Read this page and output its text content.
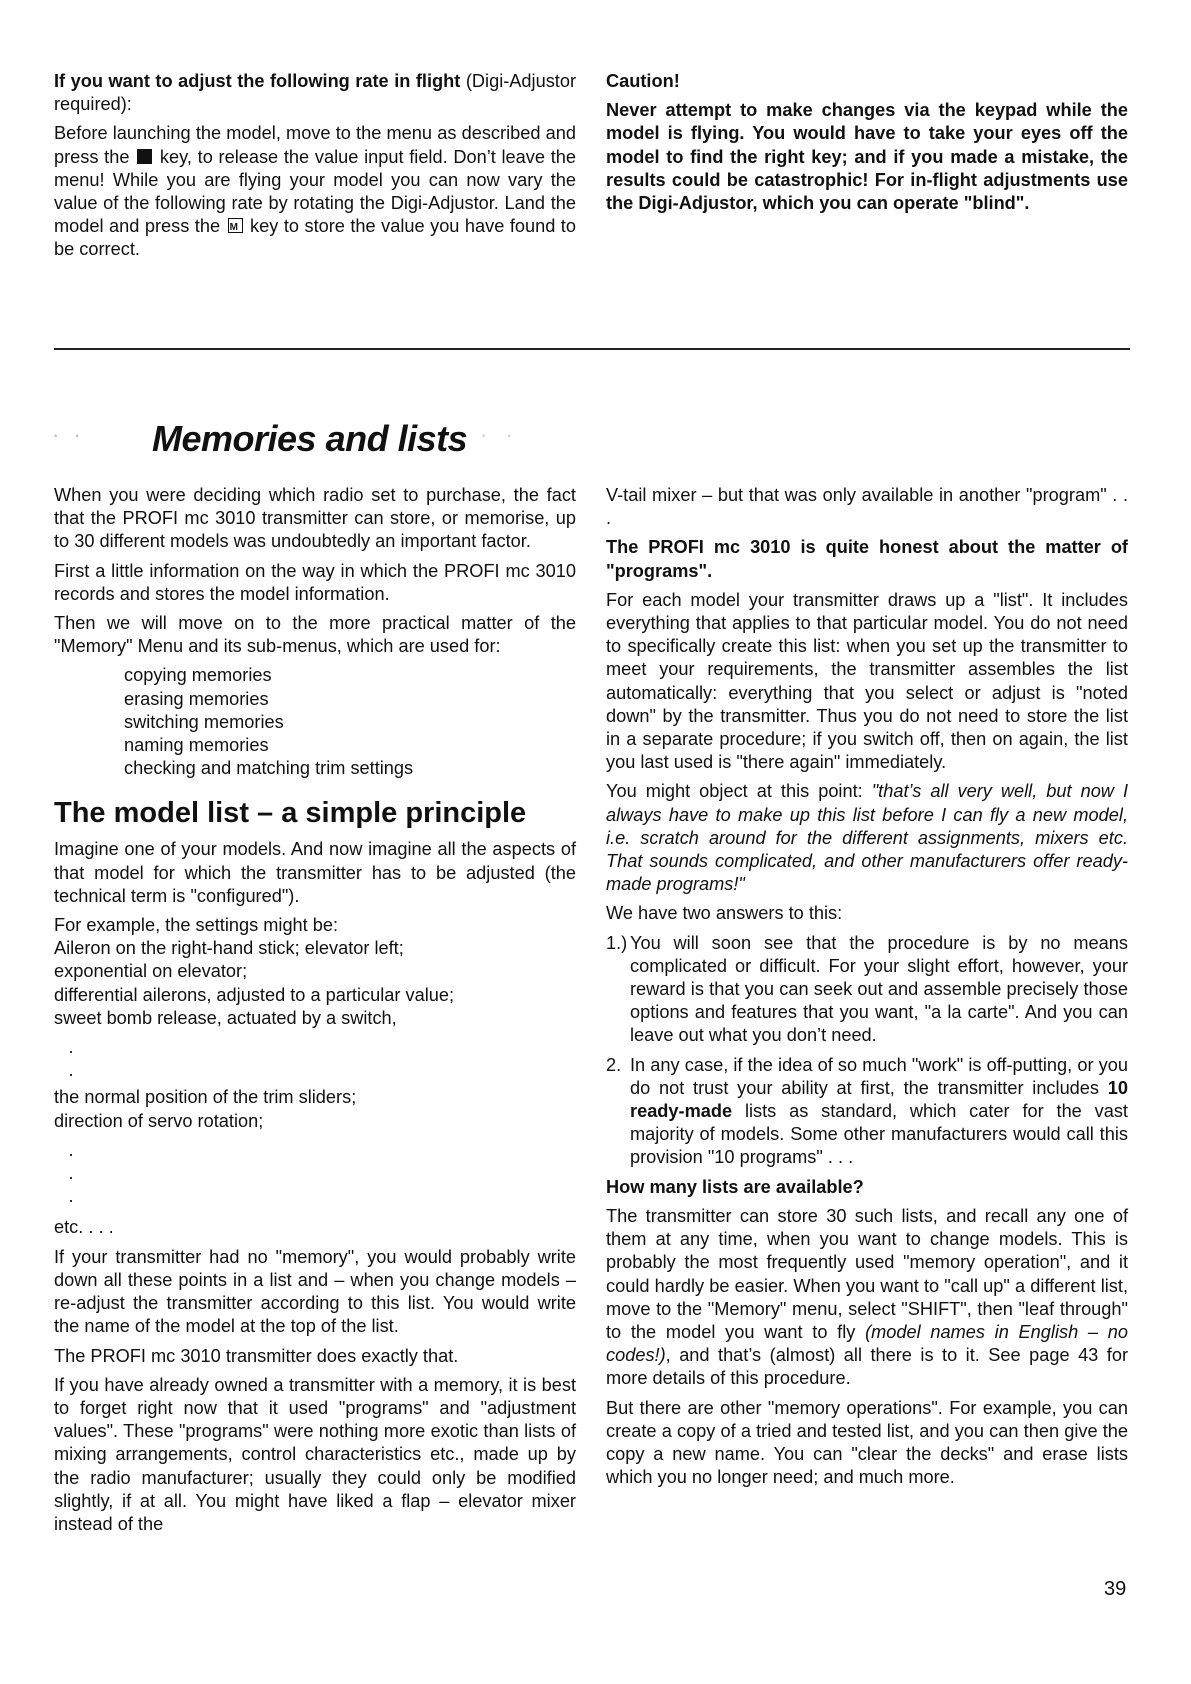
If you want to adjust the following rate in flight (Digi-Adjustor required):

Before launching the model, move to the menu as described and press the key, to release the value input field. Don’t leave the menu! While you are flying your model you can now vary the value of the following rate by rotating the Digi-Adjustor. Land the model and press the M key to store the value you have found to be correct.

Caution!

Never attempt to make changes via the keypad while the model is flying. You would have to take your eyes off the model to find the right key; and if you made a mistake, the results could be catastrophic! For in-flight adjustments use the Digi-Adjustor, which you can operate "blind".

· · Memories and lists · ·

When you were deciding which radio set to purchase, the fact that the PROFI mc 3010 transmitter can store, or memorise, up to 30 different models was undoubtedly an important factor.

First a little information on the way in which the PROFI mc 3010 records and stores the model information.

Then we will move on to the more practical matter of the "Memory" Menu and its sub-menus, which are used for:

copying memories
erasing memories
switching memories
naming memories
checking and matching trim settings
The model list – a simple principle

Imagine one of your models. And now imagine all the aspects of that model for which the transmitter has to be adjusted (the technical term is "configured").

For example, the settings might be:

Aileron on the right-hand stick; elevator left;
exponential on elevator;
differential ailerons, adjusted to a particular value;
sweet bomb release, actuated by a switch,
·
·
the normal position of the trim sliders;
direction of servo rotation;
·
·
·

etc. . . .

If your transmitter had no "memory", you would probably write down all these points in a list and – when you change models – re-adjust the transmitter according to this list. You would write the name of the model at the top of the list.

The PROFI mc 3010 transmitter does exactly that.

If you have already owned a transmitter with a memory, it is best to forget right now that it used "programs" and "adjustment values". These "programs" were nothing more exotic than lists of mixing arrangements, control characteristics etc., made up by the radio manufacturer; usually they could only be modified slightly, if at all. You might have liked a flap – elevator mixer instead of the

V-tail mixer – but that was only available in another "program" . . .

The PROFI mc 3010 is quite honest about the matter of "programs".

For each model your transmitter draws up a "list". It includes everything that applies to that particular model. You do not need to specifically create this list: when you set up the transmitter to meet your requirements, the transmitter assembles the list automatically: everything that you select or adjust is "noted down" by the transmitter. Thus you do not need to store the list in a separate procedure; if you switch off, then on again, the list you last used is "there again" immediately.

You might object at this point: "that’s all very well, but now I always have to make up this list before I can fly a new model, i.e. scratch around for the different assignments, mixers etc. That sounds complicated, and other manufacturers offer ready-made programs!"

We have two answers to this:

1.) You will soon see that the procedure is by no means complicated or difficult. For your slight effort, however, your reward is that you can seek out and assemble precisely those options and features that you want, "a la carte". And you can leave out what you don’t need.
2. In any case, if the idea of so much "work" is off-putting, or you do not trust your ability at first, the transmitter includes 10 ready-made lists as standard, which cater for the vast majority of models. Some other manufacturers would call this provision "10 programs" . . .

How many lists are available?

The transmitter can store 30 such lists, and recall any one of them at any time, when you want to change models. This is probably the most frequently used "memory operation", and it could hardly be easier. When you want to "call up" a different list, move to the "Memory" menu, select "SHIFT", then "leaf through" to the model you want to fly (model names in English – no codes!), and that’s (almost) all there is to it. See page 43 for more details of this procedure.

But there are other "memory operations". For example, you can create a copy of a tried and tested list, and you can then give the copy a new name. You can "clear the decks" and erase lists which you no longer need; and much more.

39
